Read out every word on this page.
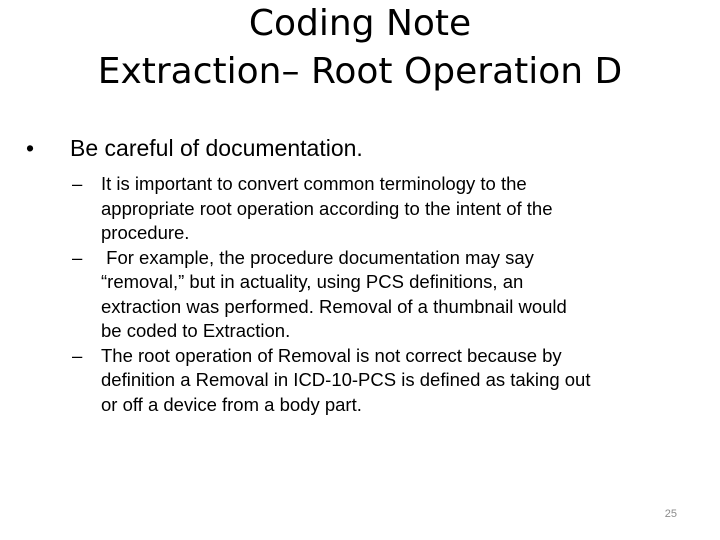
Coding Note
Extraction– Root Operation D
• Be careful of documentation.
–	It is important to convert common terminology to the
appropriate root operation according to the intent of the
procedure.
–	For example, the procedure documentation may say
“removal,” but in actuality, using PCS definitions, an
extraction was performed. Removal of a thumbnail would
be coded to Extraction.
–	The root operation of Removal is not correct because by
definition a Removal in ICD-10-PCS is defined as taking out
or off a device from a body part.
25
